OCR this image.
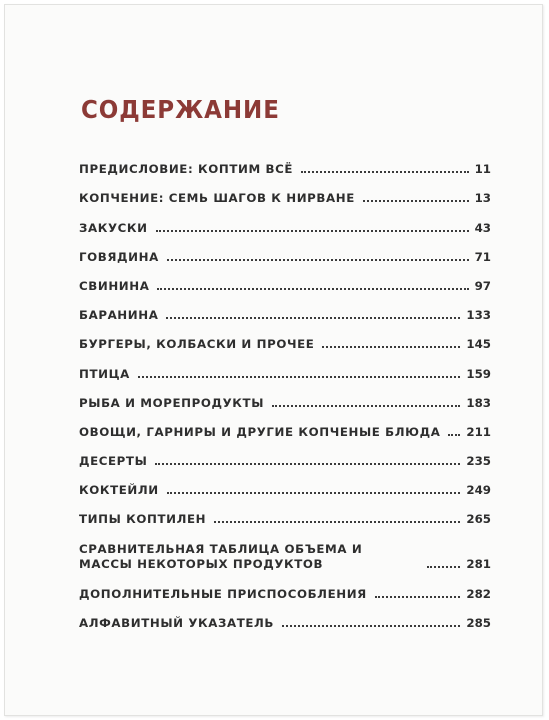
СОДЕРЖАНИЕ
ПРЕДИСЛОВИЕ: КОПТИМ ВСЁ	11
КОПЧЕНИЕ: СЕМЬ ШАГОВ К НИРВАНЕ	13
ЗАКУСКИ	43
ГОВЯДИНА	71
СВИНИНА	97
БАРАНИНА	133
БУРГЕРЫ, КОЛБАСКИ И ПРОЧЕЕ	145
ПТИЦА	159
РЫБА И МОРЕПРОДУКТЫ	183
ОВОЩИ, ГАРНИРЫ И ДРУГИЕ КОПЧЕНЫЕ БЛЮДА 211
ДЕСЕРТЫ	235
КОКТЕЙЛИ	249
ТИПЫ КОПТИЛЕН	265
СРАВНИТЕЛЬНАЯ ТАБЛИЦА ОБЪЕМА И МАССЫ НЕКОТОРЫХ ПРОДУКТОВ	281
ДОПОЛНИТЕЛЬНЫЕ ПРИСПОСОБЛЕНИЯ	282
АЛФАВИТНЫЙ УКАЗАТЕЛЬ	285
